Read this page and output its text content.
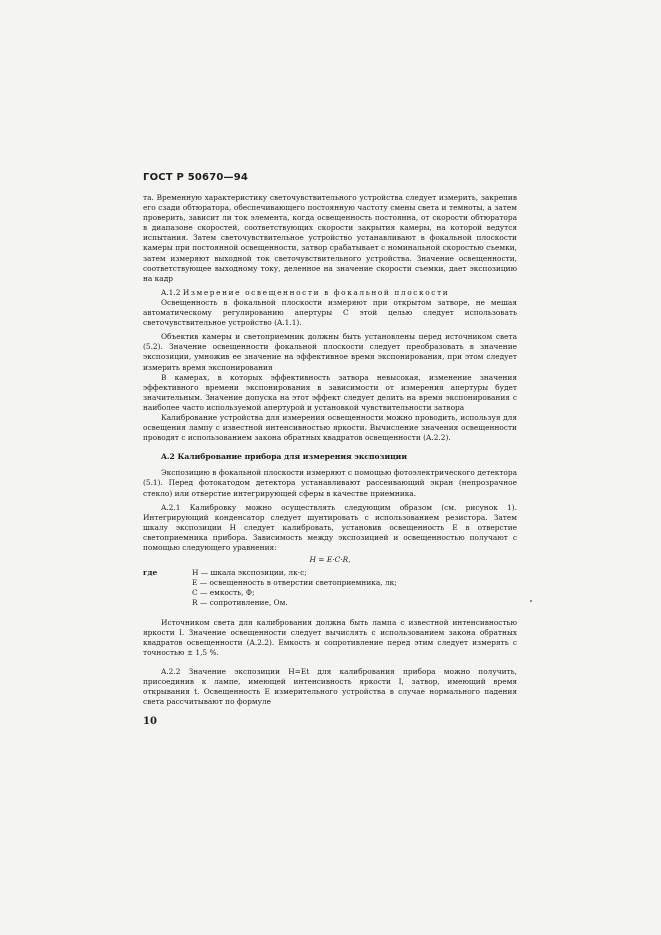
ГОСТ Р 50670—94

та. Временную характеристику светочувствительного устройства следует измерить, закрепив его сзади обтюратора, обеспечивающего постоянную частоту смены света и темноты, а затем проверить, зависит ли ток элемента, когда освещенность постоянна, от скорости обтюратора в диапазоне скоростей, соответствующих скорости закрытия камеры, на которой ведутся испытания. Затем светочувствительное устройство устанавливают в фокальной плоскости камеры при постоянной освещенности, затвор срабатывает с номинальной скоростью съемки, затем измеряют выходной ток светочувствительного устройства. Значение освещенности, соответствующее выходному току, деленное на значение скорости съемки, дает экспозицию на кадр

A.1.2 Измерение освещенности в фокальной плоскости

Освещенность в фокальной плоскости измеряют при открытом затворе, не мешая автоматическому регулированию апертуры С этой целью следует использовать светочувствительное устройство (A.1.1).

Объектив камеры и светоприемник должны быть установлены перед источником света (5.2). Значение освещенности фокальной плоскости следует преобразовать в значение экспозиции, умножив ее значение на эффективное время экспонирования, при этом следует измерить время экспонирования

В камерах, в которых эффективность затвора невысокая, изменение значения эффективного времени экспонирования в зависимости от измерения апертуры будет значительным. Значение допуска на этот эффект следует делить на время экспонирования с наиболее часто используемой апертурой и установкой чувствительности затвора

Калибрование устройства для измерения освещенности можно проводить, используя для освещения лампу с известной интенсивностью яркости. Вычисление значения освещенности проводят с использованием закона обратных квадратов освещенности (A.2.2).

A.2 Калибрование прибора для измерения экспозиции

Экспозицию в фокальной плоскости измеряют с помощью фотоэлектрического детектора (5.1). Перед фотокатодом детектора устанавливают рассеивающий экран (непрозрачное стекло) или отверстие интегрирующей сферы в качестве приемника.

A.2.1 Калибровку можно осуществлять следующим образом (см. рисунок 1). Интегрирующий конденсатор следует шунтировать с использованием резистора. Затем шкалу экспозиции H следует калибровать, установив освещенность E в отверстие светоприемника прибора. Зависимость между экспозицией и освещенностью получают с помощью следующего уравнения:

H = E·C·R,
где	H — шкала экспозиции, лк·с;
E — освещенность в отверстии светоприемника, лк;
C — емкость, Ф;
R — сопротивление, Ом.

Источником света для калибрования должна быть лампа с известной интенсивностью яркости I. Значение освещенности следует вычислять с использованием закона обратных квадратов освещенности (A.2.2). Емкость и сопротивление перед этим следует измерять с точностью ± 1,5 %.

A.2.2 Значение экспозиции H=Et для калибрования прибора можно получить, присоединив к лампе, имеющей интенсивность яркости I, затвор, имеющий время открывания t. Освещенность E измерительного устройства в случае нормального падения света рассчитывают по формуле

10
